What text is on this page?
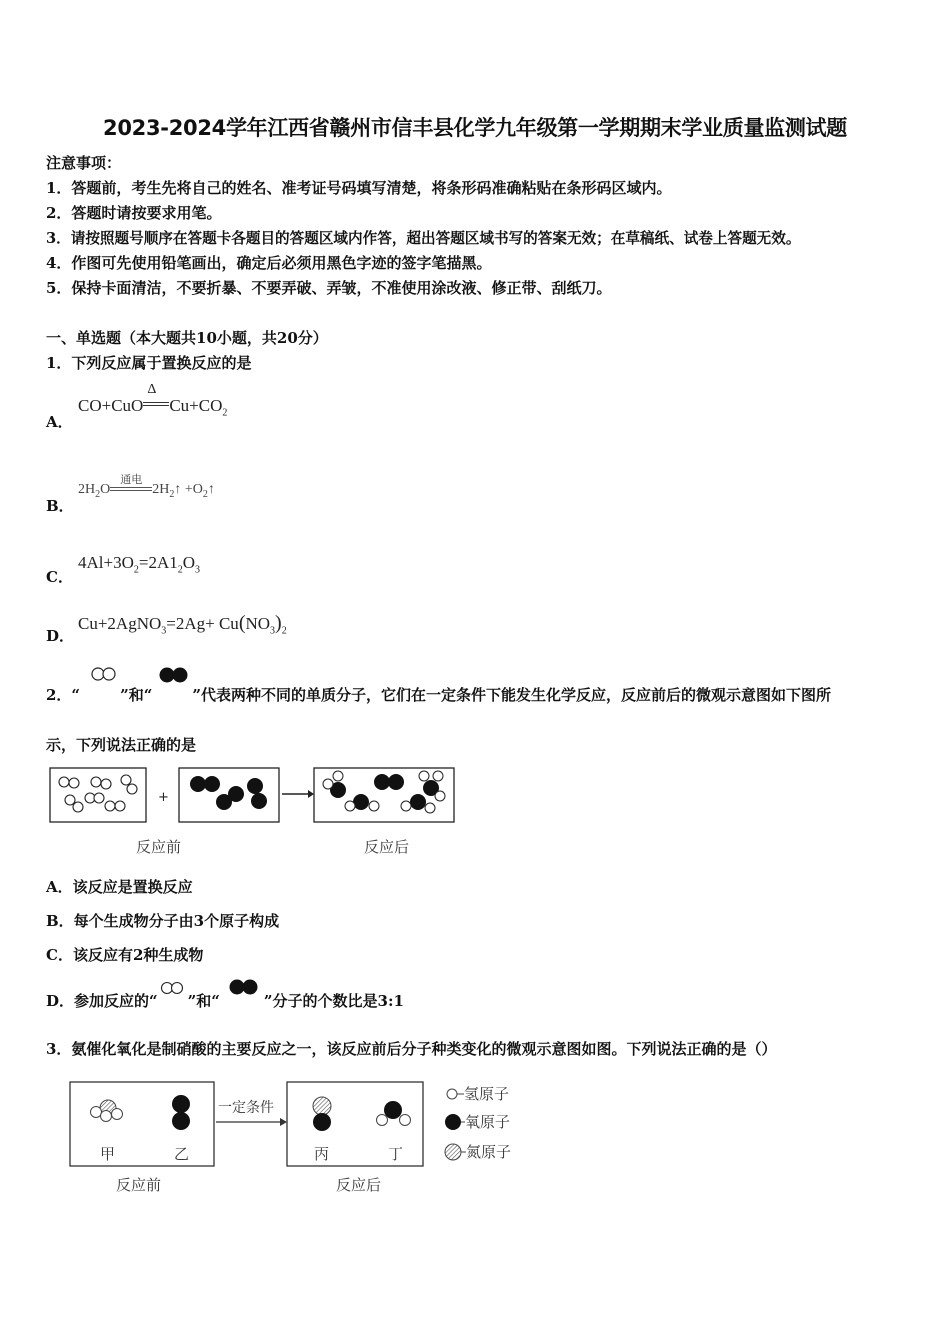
2023-2024学年江西省赣州市信丰县化学九年级第一学期期末学业质量监测试题
注意事项：
1．答题前，考生先将自己的姓名、准考证号码填写清楚，将条形码准确粘贴在条形码区域内。
2．答题时请按要求用笔。
3．请按照题号顺序在答题卡各题目的答题区域内作答，超出答题区域书写的答案无效；在草稿纸、试卷上答题无效。
4．作图可先使用铅笔画出，确定后必须用黑色字迹的签字笔描黑。
5．保持卡面清洁，不要折暴、不要弄破、弄皱，不准使用涂改液、修正带、刮纸刀。
一、单选题（本大题共10小题，共20分）
1．下列反应属于置换反应的是
A．
CO+CuO
Δ
$Cu+CO_2$
B．
$2H_2O$
通电
$2H_2↑$ $+O_2↑$
C．
$4Al+3O_2=2A1_2O_3$
D．
Cu+2AgNO$_3$=2Ag+ $Cu(NO_3)_2$
2．“	”和“	”代表两种不同的单质分子，它们在一定条件下能发生化学反应，反应前后的微观示意图如下图所
示，下列说法正确的是
+
反应前	反应后
A．该反应是置换反应
B．每个生成物分子由3个原子构成
C．该反应有2种生成物
D．参加反应的“ ”和“	”分子的个数比是3:1
3．氨催化氧化是制硝酸的主要反应之一，该反应前后分子种类变化的微观示意图如图。下列说法正确的是（）
甲	乙
一定条件
丙	丁
氢原子
氧原子
氮原子
反应前	反应后
